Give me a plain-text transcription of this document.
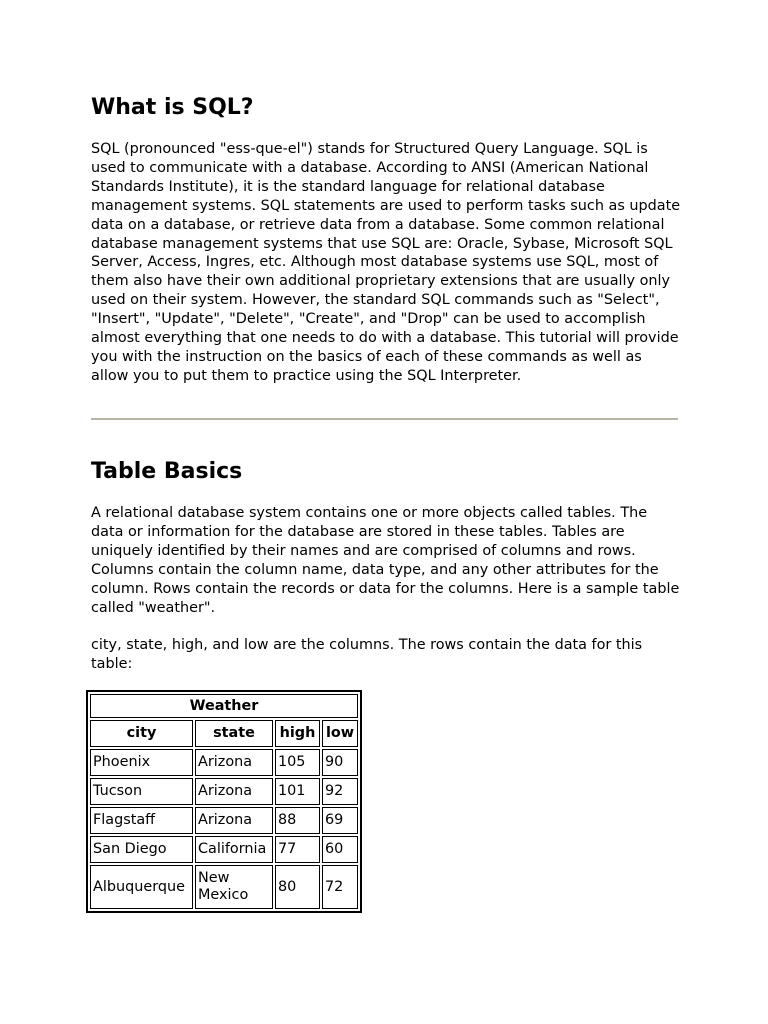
What is SQL?

SQL (pronounced "ess-que-el") stands for Structured Query Language. SQL is used to communicate with a database. According to ANSI (American National Standards Institute), it is the standard language for relational database management systems. SQL statements are used to perform tasks such as update data on a database, or retrieve data from a database. Some common relational database management systems that use SQL are: Oracle, Sybase, Microsoft SQL Server, Access, Ingres, etc. Although most database systems use SQL, most of them also have their own additional proprietary extensions that are usually only used on their system. However, the standard SQL commands such as "Select", "Insert", "Update", "Delete", "Create", and "Drop" can be used to accomplish almost everything that one needs to do with a database. This tutorial will provide you with the instruction on the basics of each of these commands as well as allow you to put them to practice using the SQL Interpreter.

Table Basics

A relational database system contains one or more objects called tables. The data or information for the database are stored in these tables. Tables are uniquely identified by their names and are comprised of columns and rows. Columns contain the column name, data type, and any other attributes for the column. Rows contain the records or data for the columns. Here is a sample table called "weather".

city, state, high, and low are the columns. The rows contain the data for this table:

Weather			
city	state	high	low
Phoenix	Arizona	105	90
Tucson	Arizona	101	92
Flagstaff	Arizona	88	69
San Diego	California	77	60
Albuquerque	New Mexico	80	72
